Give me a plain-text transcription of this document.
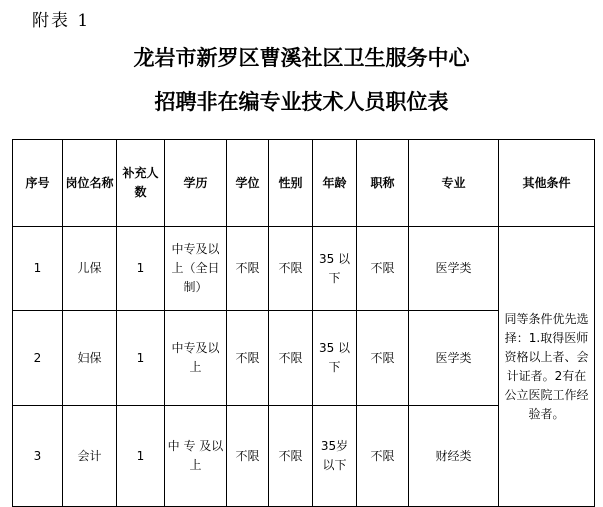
附表 1
龙岩市新罗区曹溪社区卫生服务中心
招聘非在编专业技术人员职位表
序号	岗位名称	补充人数	学历	学位	性别	年龄	职称	专业	其他条件
1	儿保	1	中专及以上（全日制）	不限	不限	35 以下	不限	医学类	同等条件优先选择：1.取得医师资格以上者、会计证者。2有在公立医院工作经验者。
2	妇保	1	中专及以上	不限	不限	35 以下	不限	医学类	
3	会计	1	中 专 及以上	不限	不限	35岁以下	不限	财经类	
